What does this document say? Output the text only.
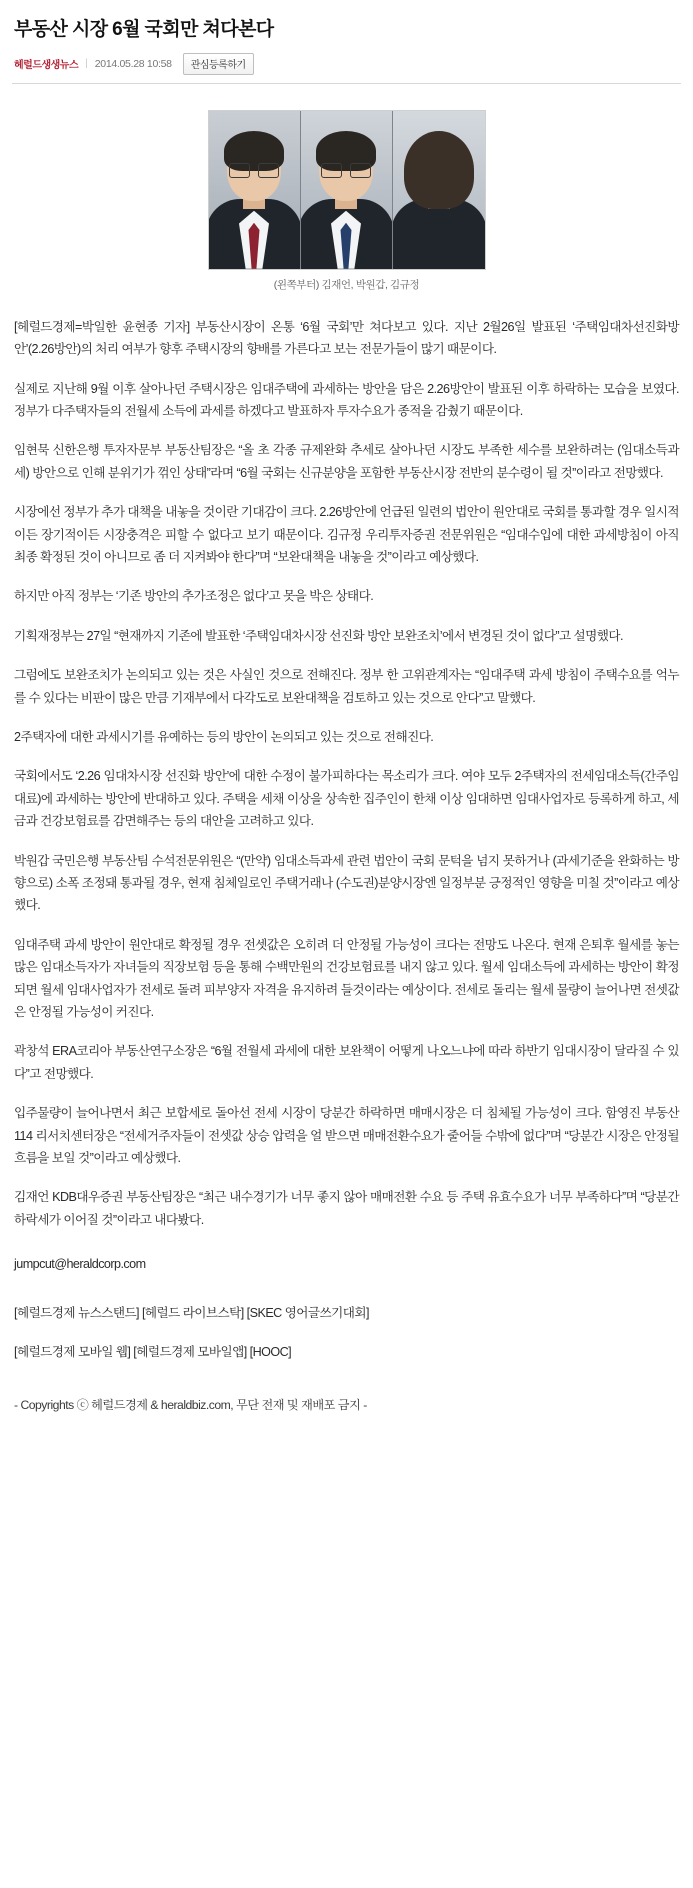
부동산 시장 6월 국회만 쳐다본다
헤럴드생생뉴스 | 2014.05.28 10:58	관심등록하기
(왼쪽부터) 김재언, 박원갑, 김규정

[헤럴드경제=박일한 윤현종 기자] 부동산시장이 온통 ‘6월 국회’만 쳐다보고 있다. 지난 2월26일 발표된 ‘주택임대차선진화방안’(2.26방안)의 처리 여부가 향후 주택시장의 향배를 가른다고 보는 전문가들이 많기 때문이다.

실제로 지난해 9월 이후 살아나던 주택시장은 임대주택에 과세하는 방안을 담은 2.26방안이 발표된 이후 하락하는 모습을 보였다. 정부가 다주택자들의 전월세 소득에 과세를 하겠다고 발표하자 투자수요가 종적을 감췄기 때문이다.

임현묵 신한은행 투자자문부 부동산팀장은 “올 초 각종 규제완화 추세로 살아나던 시장도 부족한 세수를 보완하려는 (임대소득과세) 방안으로 인해 분위기가 꺾인 상태”라며 “6월 국회는 신규분양을 포함한 부동산시장 전반의 분수령이 될 것”이라고 전망했다.

시장에선 정부가 추가 대책을 내놓을 것이란 기대감이 크다. 2.26방안에 언급된 일련의 법안이 원안대로 국회를 통과할 경우 일시적이든 장기적이든 시장충격은 피할 수 없다고 보기 때문이다. 김규정 우리투자증권 전문위원은 “임대수입에 대한 과세방침이 아직 최종 확정된 것이 아니므로 좀 더 지켜봐야 한다”며 “보완대책을 내놓을 것”이라고 예상했다.

하지만 아직 정부는 ‘기존 방안의 추가조정은 없다’고 못을 박은 상태다.

기획재정부는 27일 “현재까지 기존에 발표한 ‘주택임대차시장 선진화 방안 보완조치’에서 변경된 것이 없다”고 설명했다.

그럼에도 보완조치가 논의되고 있는 것은 사실인 것으로 전해진다. 정부 한 고위관계자는 “임대주택 과세 방침이 주택수요를 억누를 수 있다는 비판이 많은 만큼 기재부에서 다각도로 보완대책을 검토하고 있는 것으로 안다”고 말했다.

2주택자에 대한 과세시기를 유예하는 등의 방안이 논의되고 있는 것으로 전해진다.

국회에서도 ‘2.26 임대차시장 선진화 방안’에 대한 수정이 불가피하다는 목소리가 크다. 여야 모두 2주택자의 전세임대소득(간주임대료)에 과세하는 방안에 반대하고 있다. 주택을 세채 이상을 상속한 집주인이 한채 이상 임대하면 임대사업자로 등록하게 하고, 세금과 건강보험료를 감면해주는 등의 대안을 고려하고 있다.

박원갑 국민은행 부동산팀 수석전문위원은 “(만약) 임대소득과세 관련 법안이 국회 문턱을 넘지 못하거나 (과세기준을 완화하는 방향으로) 소폭 조정돼 통과될 경우, 현재 침체일로인 주택거래나 (수도권)분양시장엔 일정부분 긍정적인 영향을 미칠 것”이라고 예상했다.

임대주택 과세 방안이 원안대로 확정될 경우 전셋값은 오히려 더 안정될 가능성이 크다는 전망도 나온다. 현재 은퇴후 월세를 놓는 많은 임대소득자가 자녀들의 직장보험 등을 통해 수백만원의 건강보험료를 내지 않고 있다. 월세 임대소득에 과세하는 방안이 확정되면 월세 임대사업자가 전세로 돌려 피부양자 자격을 유지하려 들것이라는 예상이다. 전세로 돌리는 월세 물량이 늘어나면 전셋값은 안정될 가능성이 커진다.

곽창석 ERA코리아 부동산연구소장은 “6월 전월세 과세에 대한 보완책이 어떻게 나오느냐에 따라 하반기 임대시장이 달라질 수 있다”고 전망했다.

입주물량이 늘어나면서 최근 보합세로 돌아선 전세 시장이 당분간 하락하면 매매시장은 더 침체될 가능성이 크다. 함영진 부동산114 리서치센터장은 “전세거주자들이 전셋값 상승 압력을 얼 받으면 매매전환수요가 줄어들 수밖에 없다”며 “당분간 시장은 안정될 흐름을 보일 것”이라고 예상했다.

김재언 KDB대우증권 부동산팀장은 “최근 내수경기가 너무 좋지 않아 매매전환 수요 등 주택 유효수요가 너무 부족하다”며 “당분간 하락세가 이어질 것”이라고 내다봤다.

jumpcut@heraldcorp.com

[헤럴드경제 뉴스스탠드] [헤럴드 라이브스탁] [SKEC 영어글쓰기대회]

[헤럴드경제 모바일 웹] [헤럴드경제 모바일앱] [HOOC]

- Copyrights ⓒ 헤럴드경제 & heraldbiz.com, 무단 전재 및 재배포 금지 -
